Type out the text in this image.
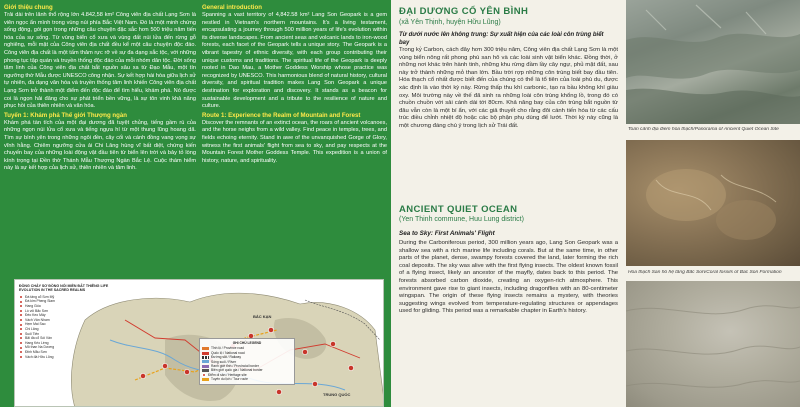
Giới thiệu chung

Trải dài trên lãnh thổ rộng lớn 4.842,58 km² Công viên địa chất Lạng Sơn là viên ngọc ẩn mình trong vùng núi phía Bắc Việt Nam. Đó là một minh chứng sống động, gói gọn trong những câu chuyện đặc sắc hơn 500 triệu năm tiến hóa của sự sống. Từ vùng biển cổ xưa và vùng đất núi lửa đến rừng gỗ nghiêng, mỗi mặt của Công viên địa chất đều kể một câu chuyện độc đáo. Công viên địa chất là một tấm thảm rực rỡ về sự đa dạng sắc tộc, với những phong tục tập quán và truyền thống độc đáo của mỗi nhóm dân tộc. Đời sống tâm linh của Công viên địa chất bắt nguồn sâu xa từ Đạo Mẫu, một tín ngưỡng thờ Mẫu được UNESCO công nhận. Sự kết hợp hài hòa giữa lịch sử tự nhiên, đa dạng văn hóa và truyền thống tâm linh khiến Công viên địa chất Lạng Sơn trở thành một điểm đến độc đáo để tìm hiểu, khám phá. Nó được coi là ngọn hải đăng cho sự phát triển bền vững, là sự tôn vinh khả năng phục hồi của thiên nhiên và văn hóa.

Tuyến 1: Khám phá Thế giới Thượng ngàn

Khám phá tàn tích của một đại dương đã tuyệt chủng, tiếng gầm rú của những ngọn núi lửa cổ xưa và tiếng ngựa hí từ một thung lũng hoang dã. Tìm sự bình yên trong những ngôi đền, cây cối và cánh đồng vang vọng sự vĩnh hằng. Chiêm ngưỡng cửa ải Chi Lăng hùng vĩ bất diệt, chứng kiến chuyến bay của những loài động vật đầu tiên từ biển lên trời và bảy tỏ lòng kính trọng tại Đền thờ Thánh Mẫu Thượng Ngàn Bắc Lệ. Cuộc thám hiểm này là sự kết hợp của lịch sử, thiên nhiên và tâm linh.

General introduction

Spanning a vast territory of 4,842.58 km² Lang Son Geopark is a gem nestled in Vietnam's northern mountains. It's a living testament, encapsulating a journey through 500 million years of life's evolution within its diverse landscapes. From ancient seas and volcanic lands to iron-wood forests, each facet of the Geopark tells a unique story. The Geopark is a vibrant tapestry of ethnic diversity, with each group contributing their unique customs and traditions. The spiritual life of the Geopark is deeply rooted in Dao Mau, a Mother Goddess Worship whose practice was recognized by UNESCO. This harmonious blend of natural history, cultural diversity, and spiritual tradition makes Lang Son Geopark a unique destination for exploration and discovery. It stands as a beacon for sustainable development and a tribute to the resilience of nature and culture.

Route 1: Experience the Realm of Mountain and Forest

Discover the remnants of an extinct ocean, the roars of ancient volcanoes, and the horse neighs from a wild valley. Find peace in temples, trees, and fields echoing eternity. Stand in awe of the unvanquished Gorge of Glory, witness the first animals' flight from sea to sky, and pay respects at the Mountain Forest Mother Goddess Temple. This expedition is a union of history, nature, and spirituality.

ĐỒNG CHẢY SƠ ĐỒNG NÓI MIỀN ĐẤT THIÊNG LIFE EVOLUTION IN THE SACRED REALMS
Đá tảng cổ Sơn Mỹ
Đá kim Pheng Slam
Hang Gióc
Lò vôi Bắc Sơn
Đèo Keo Mây
Vách Vân Nham
Hẹm Mai Sao
Chi Lăng
Suối Tiên
Bãi đá cổ Sói Vân
Hang Kéo Lèng
Mỏ than Na Dương
Đỉnh Mẫu Sơn
Vách đá Hữu Lũng
BẮC KẠN
TRUNG QUỐC
GHI CHÚ LEGEND
Tỉnh lộ / Province road
Quốc lộ / National road
Đường sắt / Railway
Sông suối / River
Ranh giới tỉnh / Provincial border
Biên giới quốc gia / National border
Điểm di sản / Heritage site
Tuyến du lịch / Tour route
ĐẠI DƯƠNG CỔ YÊN BÌNH
(xã Yên Thịnh, huyện Hữu Lũng)
Từ dưới nước lên không trung: Sự xuất hiện của các loài côn trùng biết bay
Trong kỷ Carbon, cách đây hơn 300 triệu năm, Công viên địa chất Lạng Sơn là một vùng biển nông rất phong phú san hô và các loài sinh vật biển khác. Đồng thời, ở những nơi khác trên hành tinh, những khu rừng đầm lầy cây ngự, phủ mặt đất, sau này trở thành những mỏ than lớn. Bầu trời rợp những côn trùng biết bay đầu tiên. Hóa thạch cổ nhất được biết đến của chúng có thể là tổ tiên của loài phù du, được xác định là vào thời kỳ này. Rừng thấp thu khí carbonic, tạo ra bầu không khí giàu oxy. Môi trường này về thế đã sinh ra những loài côn trùng khổng lồ, trong đó có chuồn chuồn với sải cánh dài tới 80cm. Khả năng bay của côn trùng bắt nguồn từ đâu vẫn còn là một bí ẩn, với các giả thuyết cho rằng đôi cánh tiến hóa từ các cấu trúc điều chỉnh nhiệt độ hoặc các bộ phận phụ dùng để lướt. Thời kỳ này cũng là một chương đáng chú ý trong lịch sử Trái đất.
ANCIENT QUIET OCEAN
(Yen Thinh commune, Huu Lung district)
Sea to Sky: First Animals' Flight
During the Carboniferous period, 300 million years ago, Lang Son Geopark was a shallow sea with a rich marine life including corals. But at the same time, in other parts of the planet, dense, swampy forests covered the land, later forming the rich coal deposits. The sky was alive with the first flying insects. The oldest known fossil of a flying insect, likely an ancestor of the mayfly, dates back to this period. The forests absorbed carbon dioxide, creating an oxygen-rich atmosphere. This environment gave rise to giant insects, including dragonflies with an 80-centimeter wingspan. The origin of these flying insects remains a mystery, with theories suggesting wings evolved from temperature-regulating structures or appendages used for gliding. This period was a remarkable chapter in Earth's history.
Toàn cảnh địa điểm hóa thạch/Panorama of Ancient Quiet Ocean Site
Hóa thạch San hô hệ tầng Bắc Sơn/Coral fossils of Bac Son Formation
